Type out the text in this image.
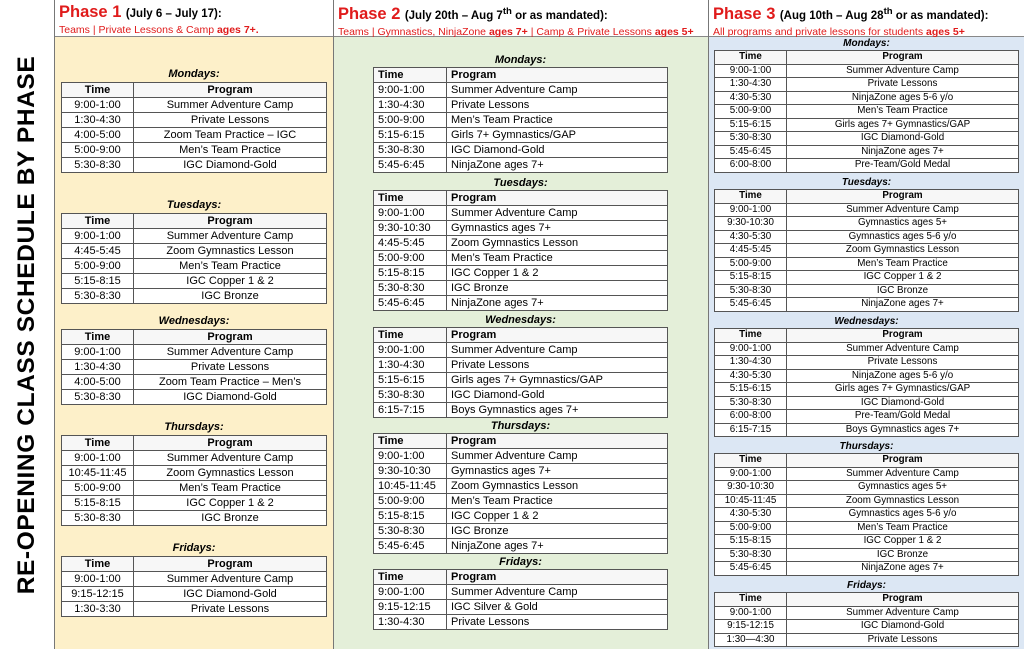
RE-OPENING CLASS SCHEDULE BY PHASE
Phase 1 (July 6 – July 17):
Teams | Private Lessons & Camp ages 7+.
Mondays:
Time	Program
9:00-1:00	Summer Adventure Camp
1:30-4:30	Private Lessons
4:00-5:00	Zoom Team Practice – IGC
5:00-9:00	Men’s Team Practice
5:30-8:30	IGC Diamond-Gold
Tuesdays:
Time	Program
9:00-1:00	Summer Adventure Camp
4:45-5:45	Zoom Gymnastics Lesson
5:00-9:00	Men’s Team Practice
5:15-8:15	IGC Copper 1 & 2
5:30-8:30	IGC Bronze
Wednesdays:
Time	Program
9:00-1:00	Summer Adventure Camp
1:30-4:30	Private Lessons
4:00-5:00	Zoom Team Practice – Men’s
5:30-8:30	IGC Diamond-Gold
Thursdays:
Time	Program
9:00-1:00	Summer Adventure Camp
10:45-11:45	Zoom Gymnastics Lesson
5:00-9:00	Men’s Team Practice
5:15-8:15	IGC Copper 1 & 2
5:30-8:30	IGC Bronze
Fridays:
Time	Program
9:00-1:00	Summer Adventure Camp
9:15-12:15	IGC Diamond-Gold
1:30-3:30	Private Lessons
Phase 2 (July 20th – Aug 7th or as mandated):
Teams | Gymnastics, NinjaZone ages 7+ | Camp & Private Lessons ages 5+
Mondays:
Time	Program
9:00-1:00	Summer Adventure Camp
1:30-4:30	Private Lessons
5:00-9:00	Men’s Team Practice
5:15-6:15	Girls 7+ Gymnastics/GAP
5:30-8:30	IGC Diamond-Gold
5:45-6:45	NinjaZone ages 7+
Tuesdays:
Time	Program
9:00-1:00	Summer Adventure Camp
9:30-10:30	Gymnastics ages 7+
4:45-5:45	Zoom Gymnastics Lesson
5:00-9:00	Men’s Team Practice
5:15-8:15	IGC Copper 1 & 2
5:30-8:30	IGC Bronze
5:45-6:45	NinjaZone ages 7+
Wednesdays:
Time	Program
9:00-1:00	Summer Adventure Camp
1:30-4:30	Private Lessons
5:15-6:15	Girls ages 7+ Gymnastics/GAP
5:30-8:30	IGC Diamond-Gold
6:15-7:15	Boys Gymnastics ages 7+
Thursdays:
Time	Program
9:00-1:00	Summer Adventure Camp
9:30-10:30	Gymnastics ages 7+
10:45-11:45	Zoom Gymnastics Lesson
5:00-9:00	Men’s Team Practice
5:15-8:15	IGC Copper 1 & 2
5:30-8:30	IGC Bronze
5:45-6:45	NinjaZone ages 7+
Fridays:
Time	Program
9:00-1:00	Summer Adventure Camp
9:15-12:15	IGC Silver & Gold
1:30-4:30	Private Lessons
Phase 3 (Aug 10th – Aug 28th or as mandated):
All programs and private lessons for students ages 5+
Mondays:
Time	Program
9:00-1:00	Summer Adventure Camp
1:30-4:30	Private Lessons
4:30-5:30	NinjaZone ages 5-6 y/o
5:00-9:00	Men’s Team Practice
5:15-6:15	Girls ages 7+ Gymnastics/GAP
5:30-8:30	IGC Diamond-Gold
5:45-6:45	NinjaZone ages 7+
6:00-8:00	Pre-Team/Gold Medal
Tuesdays:
Time	Program
9:00-1:00	Summer Adventure Camp
9:30-10:30	Gymnastics ages 5+
4:30-5:30	Gymnastics ages 5-6 y/o
4:45-5:45	Zoom Gymnastics Lesson
5:00-9:00	Men’s Team Practice
5:15-8:15	IGC Copper 1 & 2
5:30-8:30	IGC Bronze
5:45-6:45	NinjaZone ages 7+
Wednesdays:
Time	Program
9:00-1:00	Summer Adventure Camp
1:30-4:30	Private Lessons
4:30-5:30	NinjaZone ages 5-6 y/o
5:15-6:15	Girls ages 7+ Gymnastics/GAP
5:30-8:30	IGC Diamond-Gold
6:00-8:00	Pre-Team/Gold Medal
6:15-7:15	Boys Gymnastics ages 7+
Thursdays:
Time	Program
9:00-1:00	Summer Adventure Camp
9:30-10:30	Gymnastics ages 5+
10:45-11:45	Zoom Gymnastics Lesson
4:30-5:30	Gymnastics ages 5-6 y/o
5:00-9:00	Men’s Team Practice
5:15-8:15	IGC Copper 1 & 2
5:30-8:30	IGC Bronze
5:45-6:45	NinjaZone ages 7+
Fridays:
Time	Program
9:00-1:00	Summer Adventure Camp
9:15-12:15	IGC Diamond-Gold
1:30—4:30	Private Lessons
